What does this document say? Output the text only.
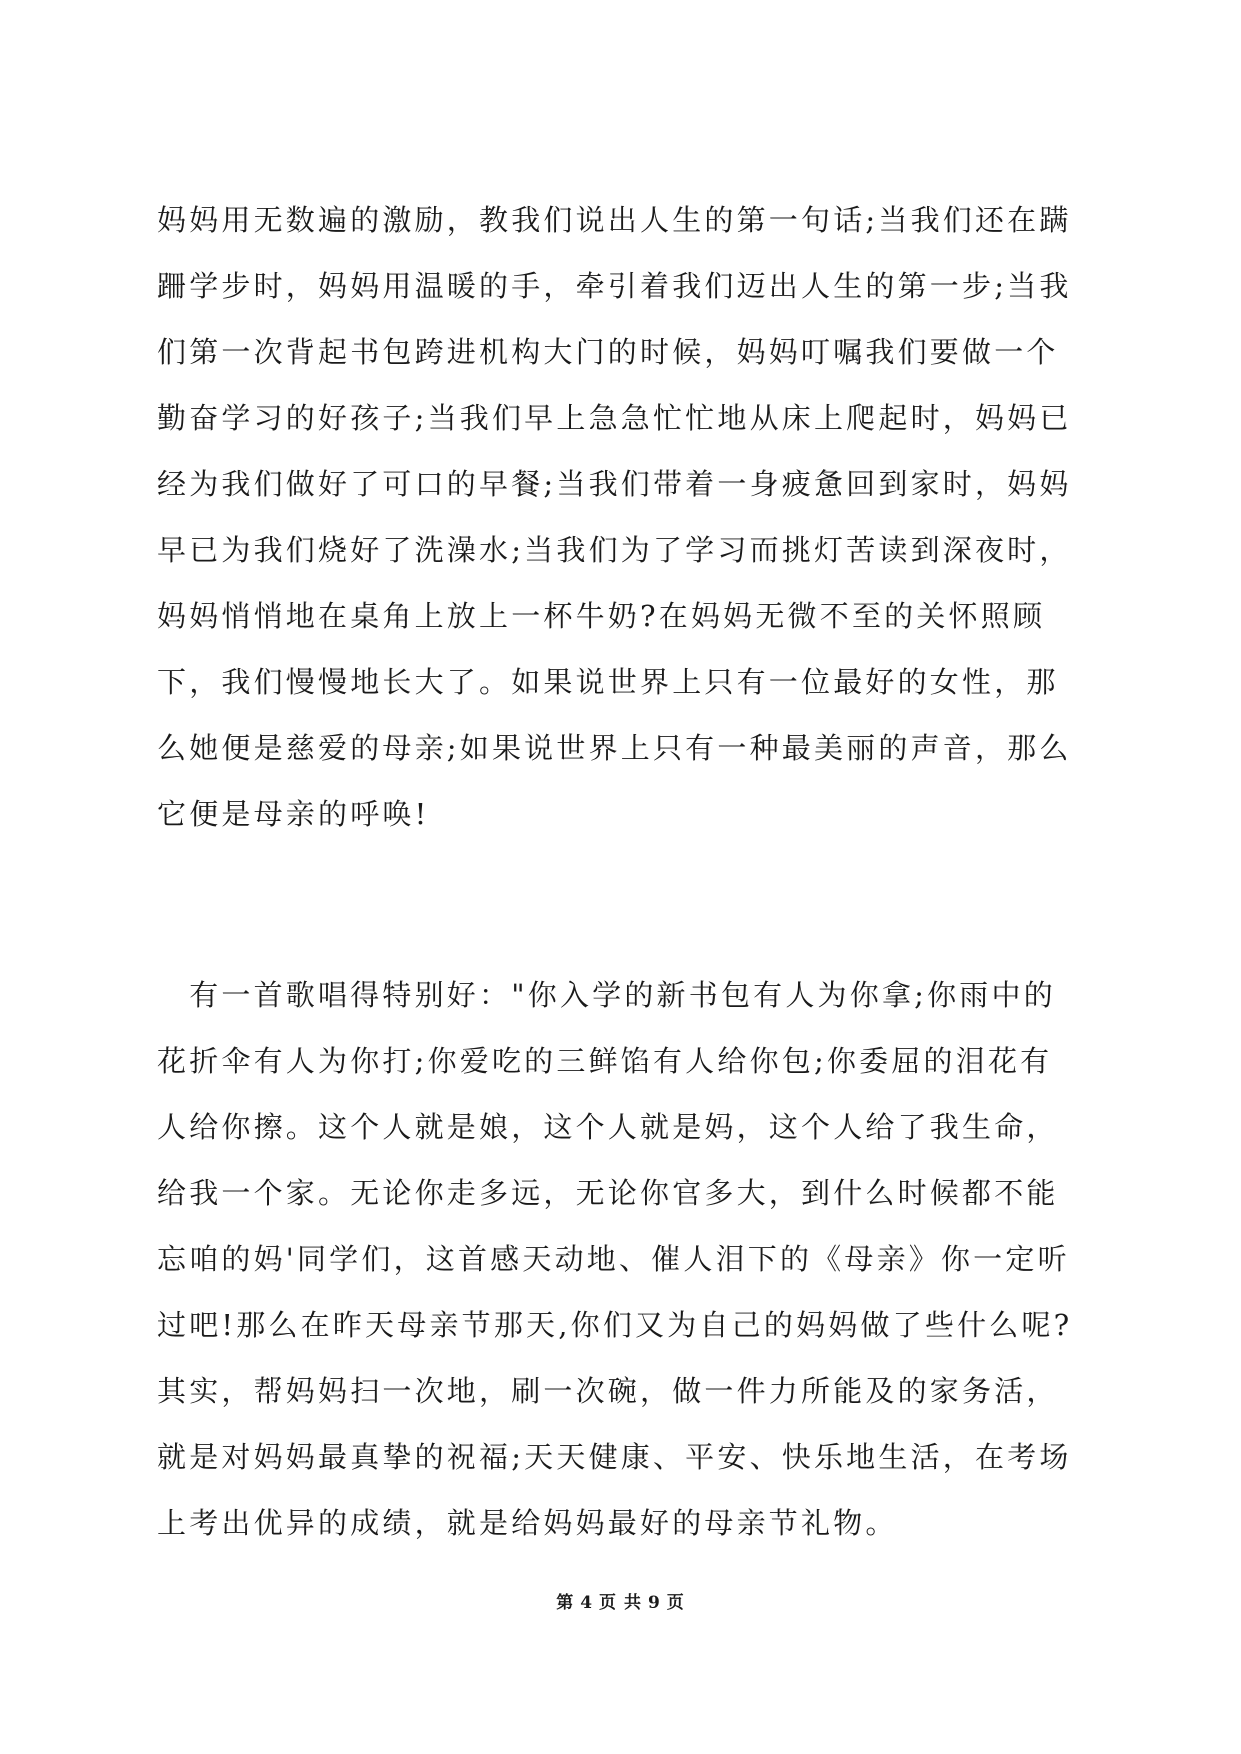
妈妈用无数遍的激励，教我们说出人生的第一句话;当我们还在蹒
跚学步时，妈妈用温暖的手，牵引着我们迈出人生的第一步;当我
们第一次背起书包跨进机构大门的时候，妈妈叮嘱我们要做一个
勤奋学习的好孩子;当我们早上急急忙忙地从床上爬起时，妈妈已
经为我们做好了可口的早餐;当我们带着一身疲惫回到家时，妈妈
早已为我们烧好了洗澡水;当我们为了学习而挑灯苦读到深夜时，
妈妈悄悄地在桌角上放上一杯牛奶?在妈妈无微不至的关怀照顾
下，我们慢慢地长大了。如果说世界上只有一位最好的女性，那
么她便是慈爱的母亲;如果说世界上只有一种最美丽的声音，那么
它便是母亲的呼唤!
　有一首歌唱得特别好："你入学的新书包有人为你拿;你雨中的
花折伞有人为你打;你爱吃的三鲜馅有人给你包;你委屈的泪花有
人给你擦。这个人就是娘，这个人就是妈，这个人给了我生命，
给我一个家。无论你走多远，无论你官多大，到什么时候都不能
忘咱的妈'同学们，这首感天动地、催人泪下的《母亲》你一定听
过吧!那么在昨天母亲节那天,你们又为自己的妈妈做了些什么呢?
其实，帮妈妈扫一次地，刷一次碗，做一件力所能及的家务活，
就是对妈妈最真挚的祝福;天天健康、平安、快乐地生活，在考场
上考出优异的成绩，就是给妈妈最好的母亲节礼物。
第 4 页 共 9 页
